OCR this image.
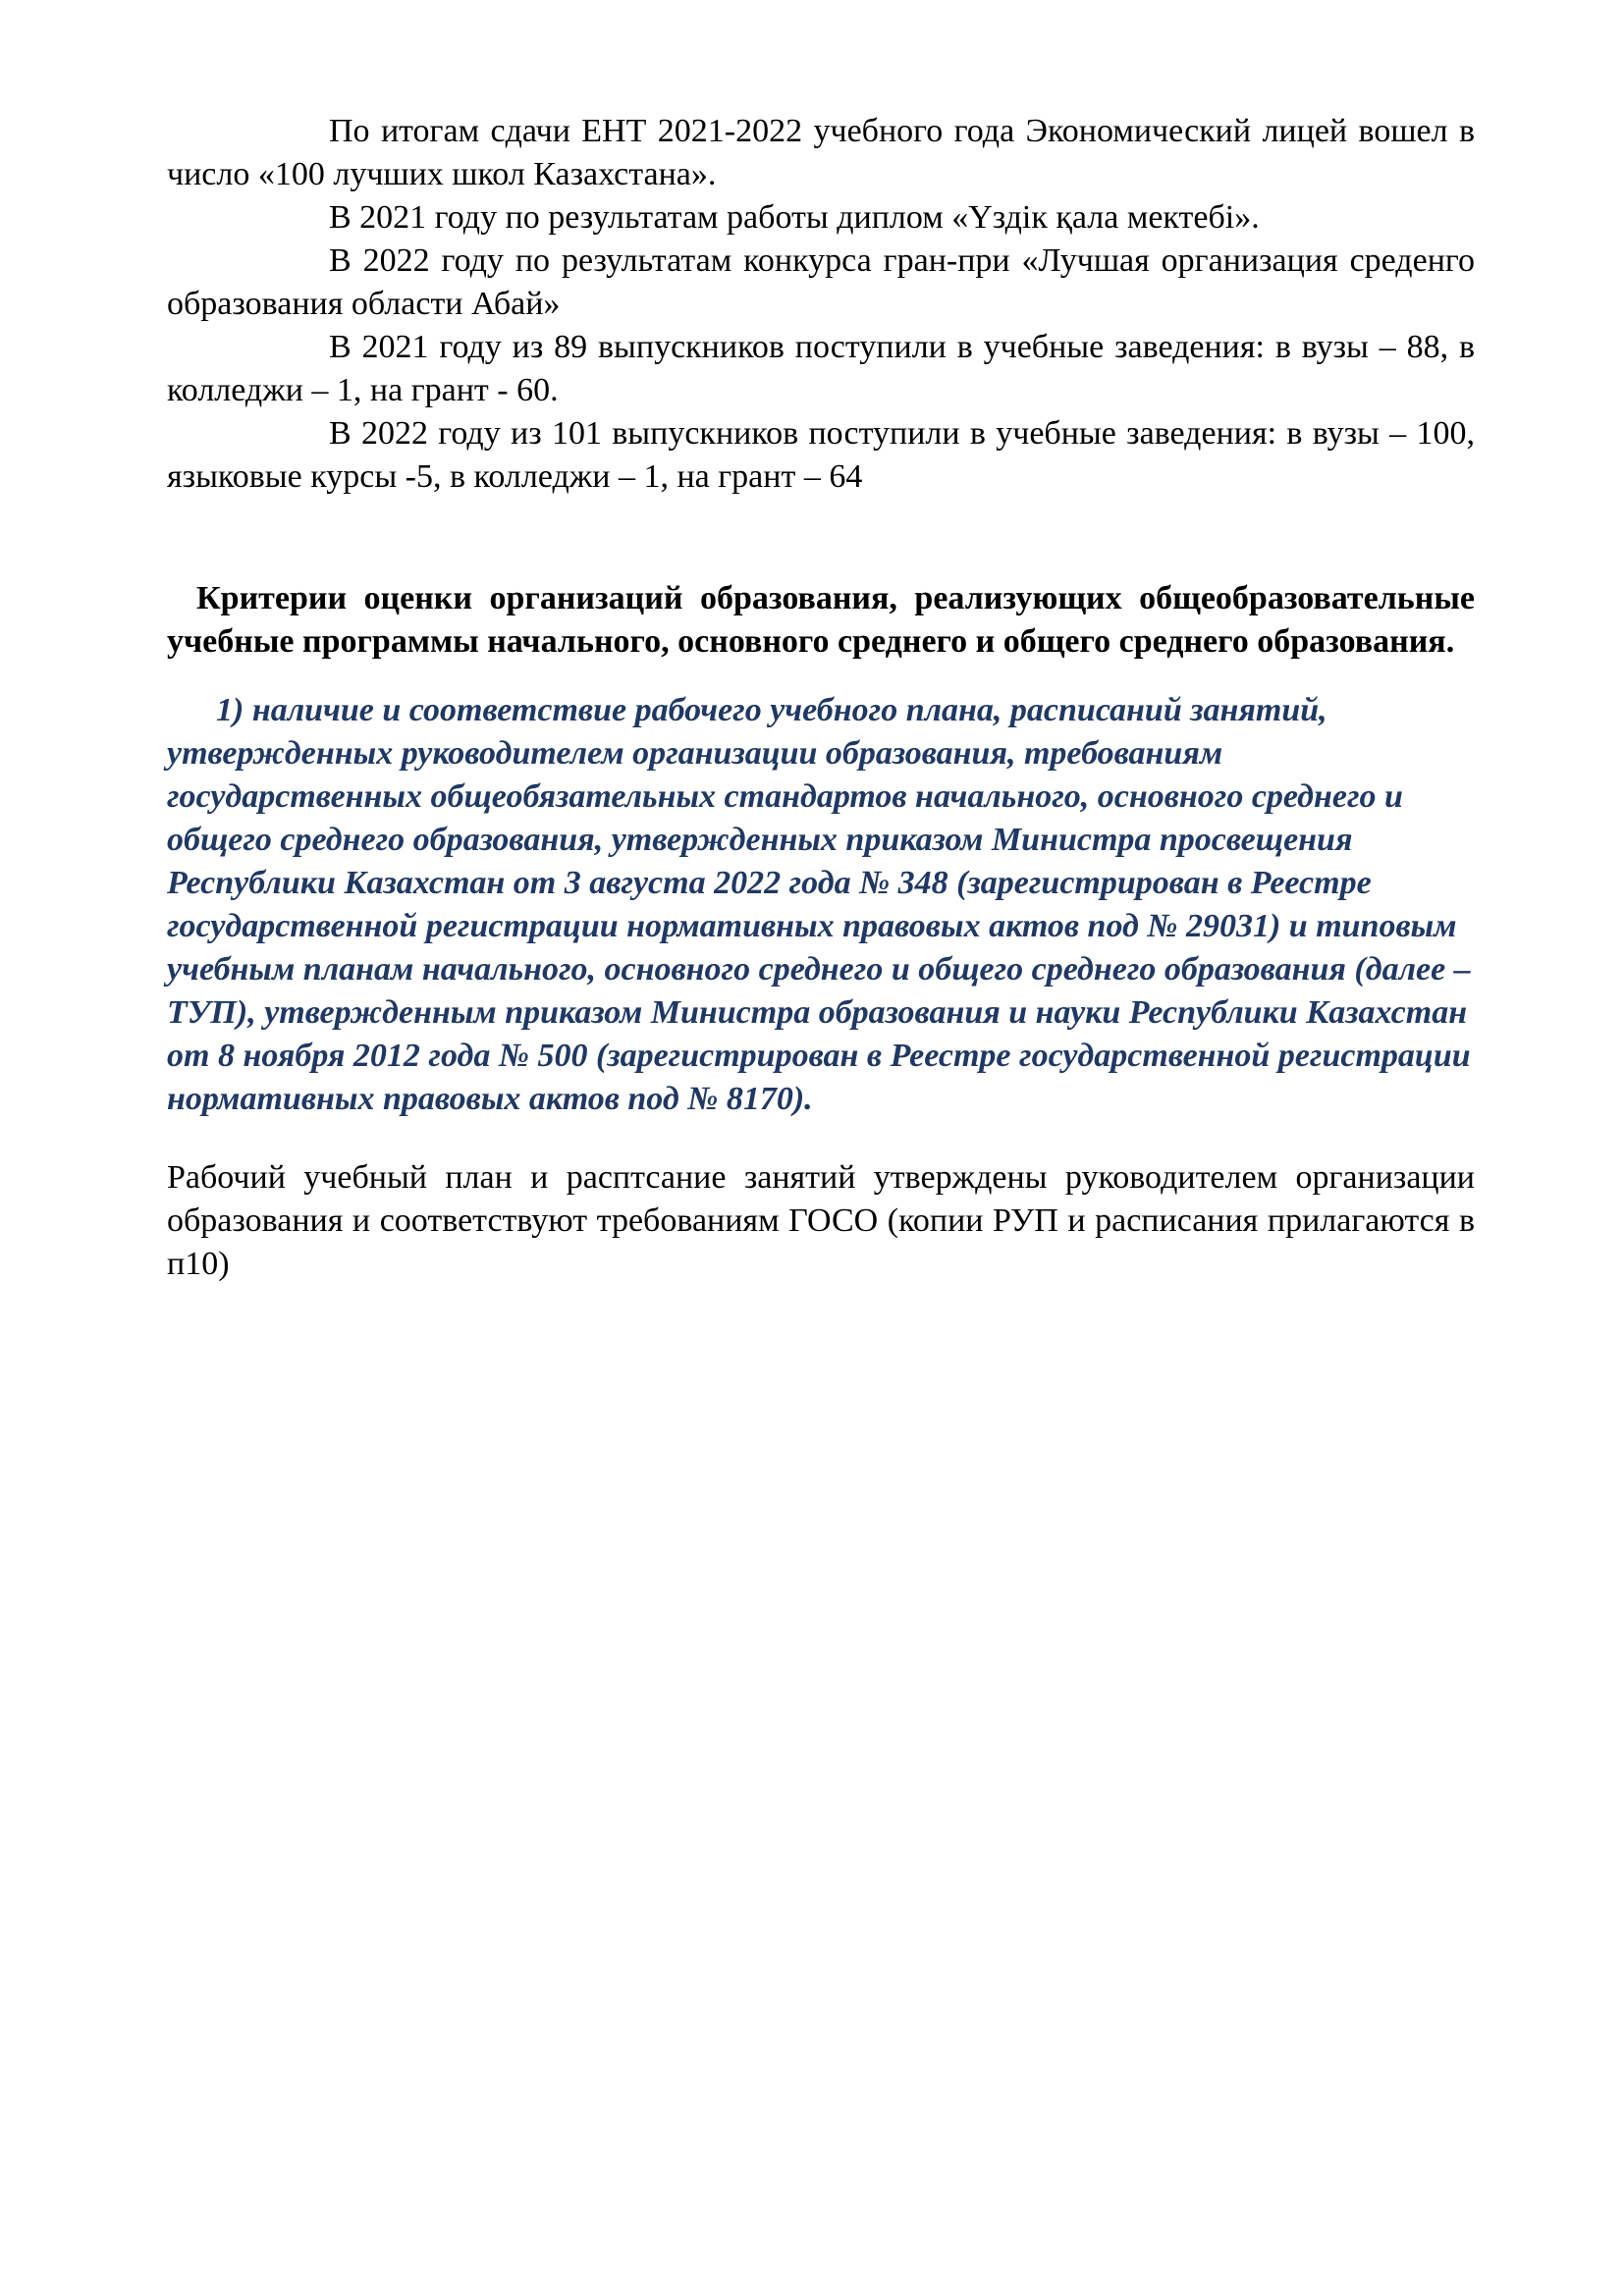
По итогам сдачи ЕНТ 2021-2022 учебного года Экономический лицей вошел в число «100 лучших школ Казахстана».

В 2021 году по результатам работы диплом «Үздік қала мектебі».

В 2022 году по результатам конкурса гран-при «Лучшая организация среденго образования области Абай»

В 2021 году из 89 выпускников поступили в учебные заведения: в вузы – 88, в колледжи – 1, на грант - 60.

В 2022 году из 101 выпускников поступили в учебные заведения: в вузы – 100, языковые курсы -5, в колледжи – 1, на грант – 64

Критерии оценки организаций образования, реализующих общеобразовательные учебные программы начального, основного среднего и общего среднего образования.

1) наличие и соответствие рабочего учебного плана, расписаний занятий, утвержденных руководителем организации образования, требованиям государственных общеобязательных стандартов начального, основного среднего и общего среднего образования, утвержденных приказом Министра просвещения Республики Казахстан от 3 августа 2022 года № 348 (зарегистрирован в Реестре государственной регистрации нормативных правовых актов под № 29031) и типовым учебным планам начального, основного среднего и общего среднего образования (далее – ТУП), утвержденным приказом Министра образования и науки Республики Казахстан от 8 ноября 2012 года № 500 (зарегистрирован в Реестре государственной регистрации нормативных правовых актов под № 8170).

Рабочий учебный план и расптсание занятий утверждены руководителем организации образования и соответствуют требованиям ГОСО (копии РУП и расписания прилагаются в п10)
